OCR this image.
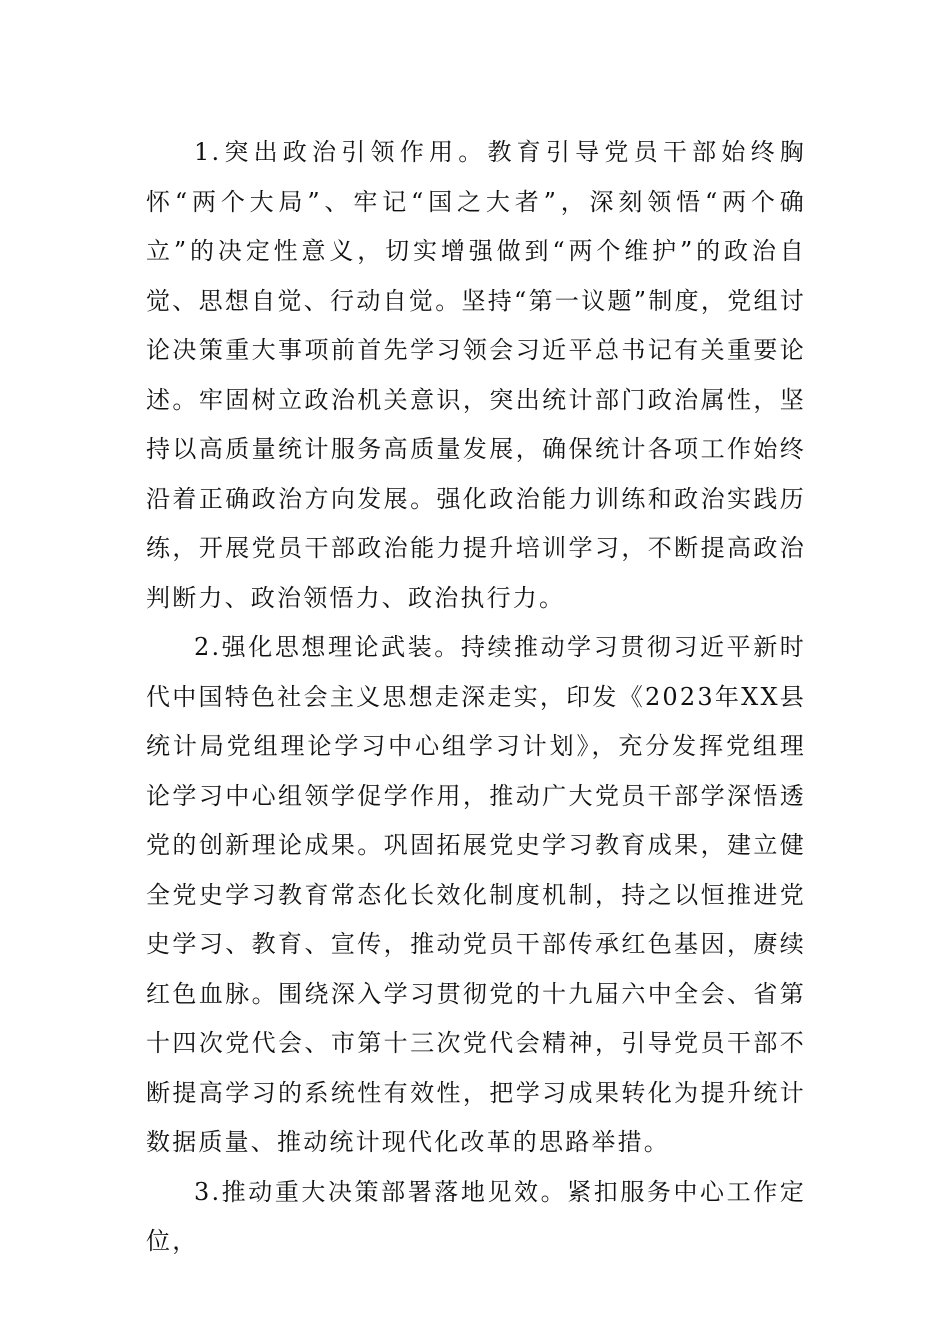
1.突出政治引领作用。教育引导党员干部始终胸怀“两个大局”、牢记“国之大者”，深刻领悟“两个确立”的决定性意义，切实增强做到“两个维护”的政治自觉、思想自觉、行动自觉。坚持“第一议题”制度，党组讨论决策重大事项前首先学习领会习近平总书记有关重要论述。牢固树立政治机关意识，突出统计部门政治属性，坚持以高质量统计服务高质量发展，确保统计各项工作始终沿着正确政治方向发展。强化政治能力训练和政治实践历练，开展党员干部政治能力提升培训学习，不断提高政治判断力、政治领悟力、政治执行力。

2.强化思想理论武装。持续推动学习贯彻习近平新时代中国特色社会主义思想走深走实，印发《2023年XX县统计局党组理论学习中心组学习计划》，充分发挥党组理论学习中心组领学促学作用，推动广大党员干部学深悟透党的创新理论成果。巩固拓展党史学习教育成果，建立健全党史学习教育常态化长效化制度机制，持之以恒推进党史学习、教育、宣传，推动党员干部传承红色基因，赓续红色血脉。围绕深入学习贯彻党的十九届六中全会、省第十四次党代会、市第十三次党代会精神，引导党员干部不断提高学习的系统性有效性，把学习成果转化为提升统计数据质量、推动统计现代化改革的思路举措。

3.推动重大决策部署落地见效。紧扣服务中心工作定位，
